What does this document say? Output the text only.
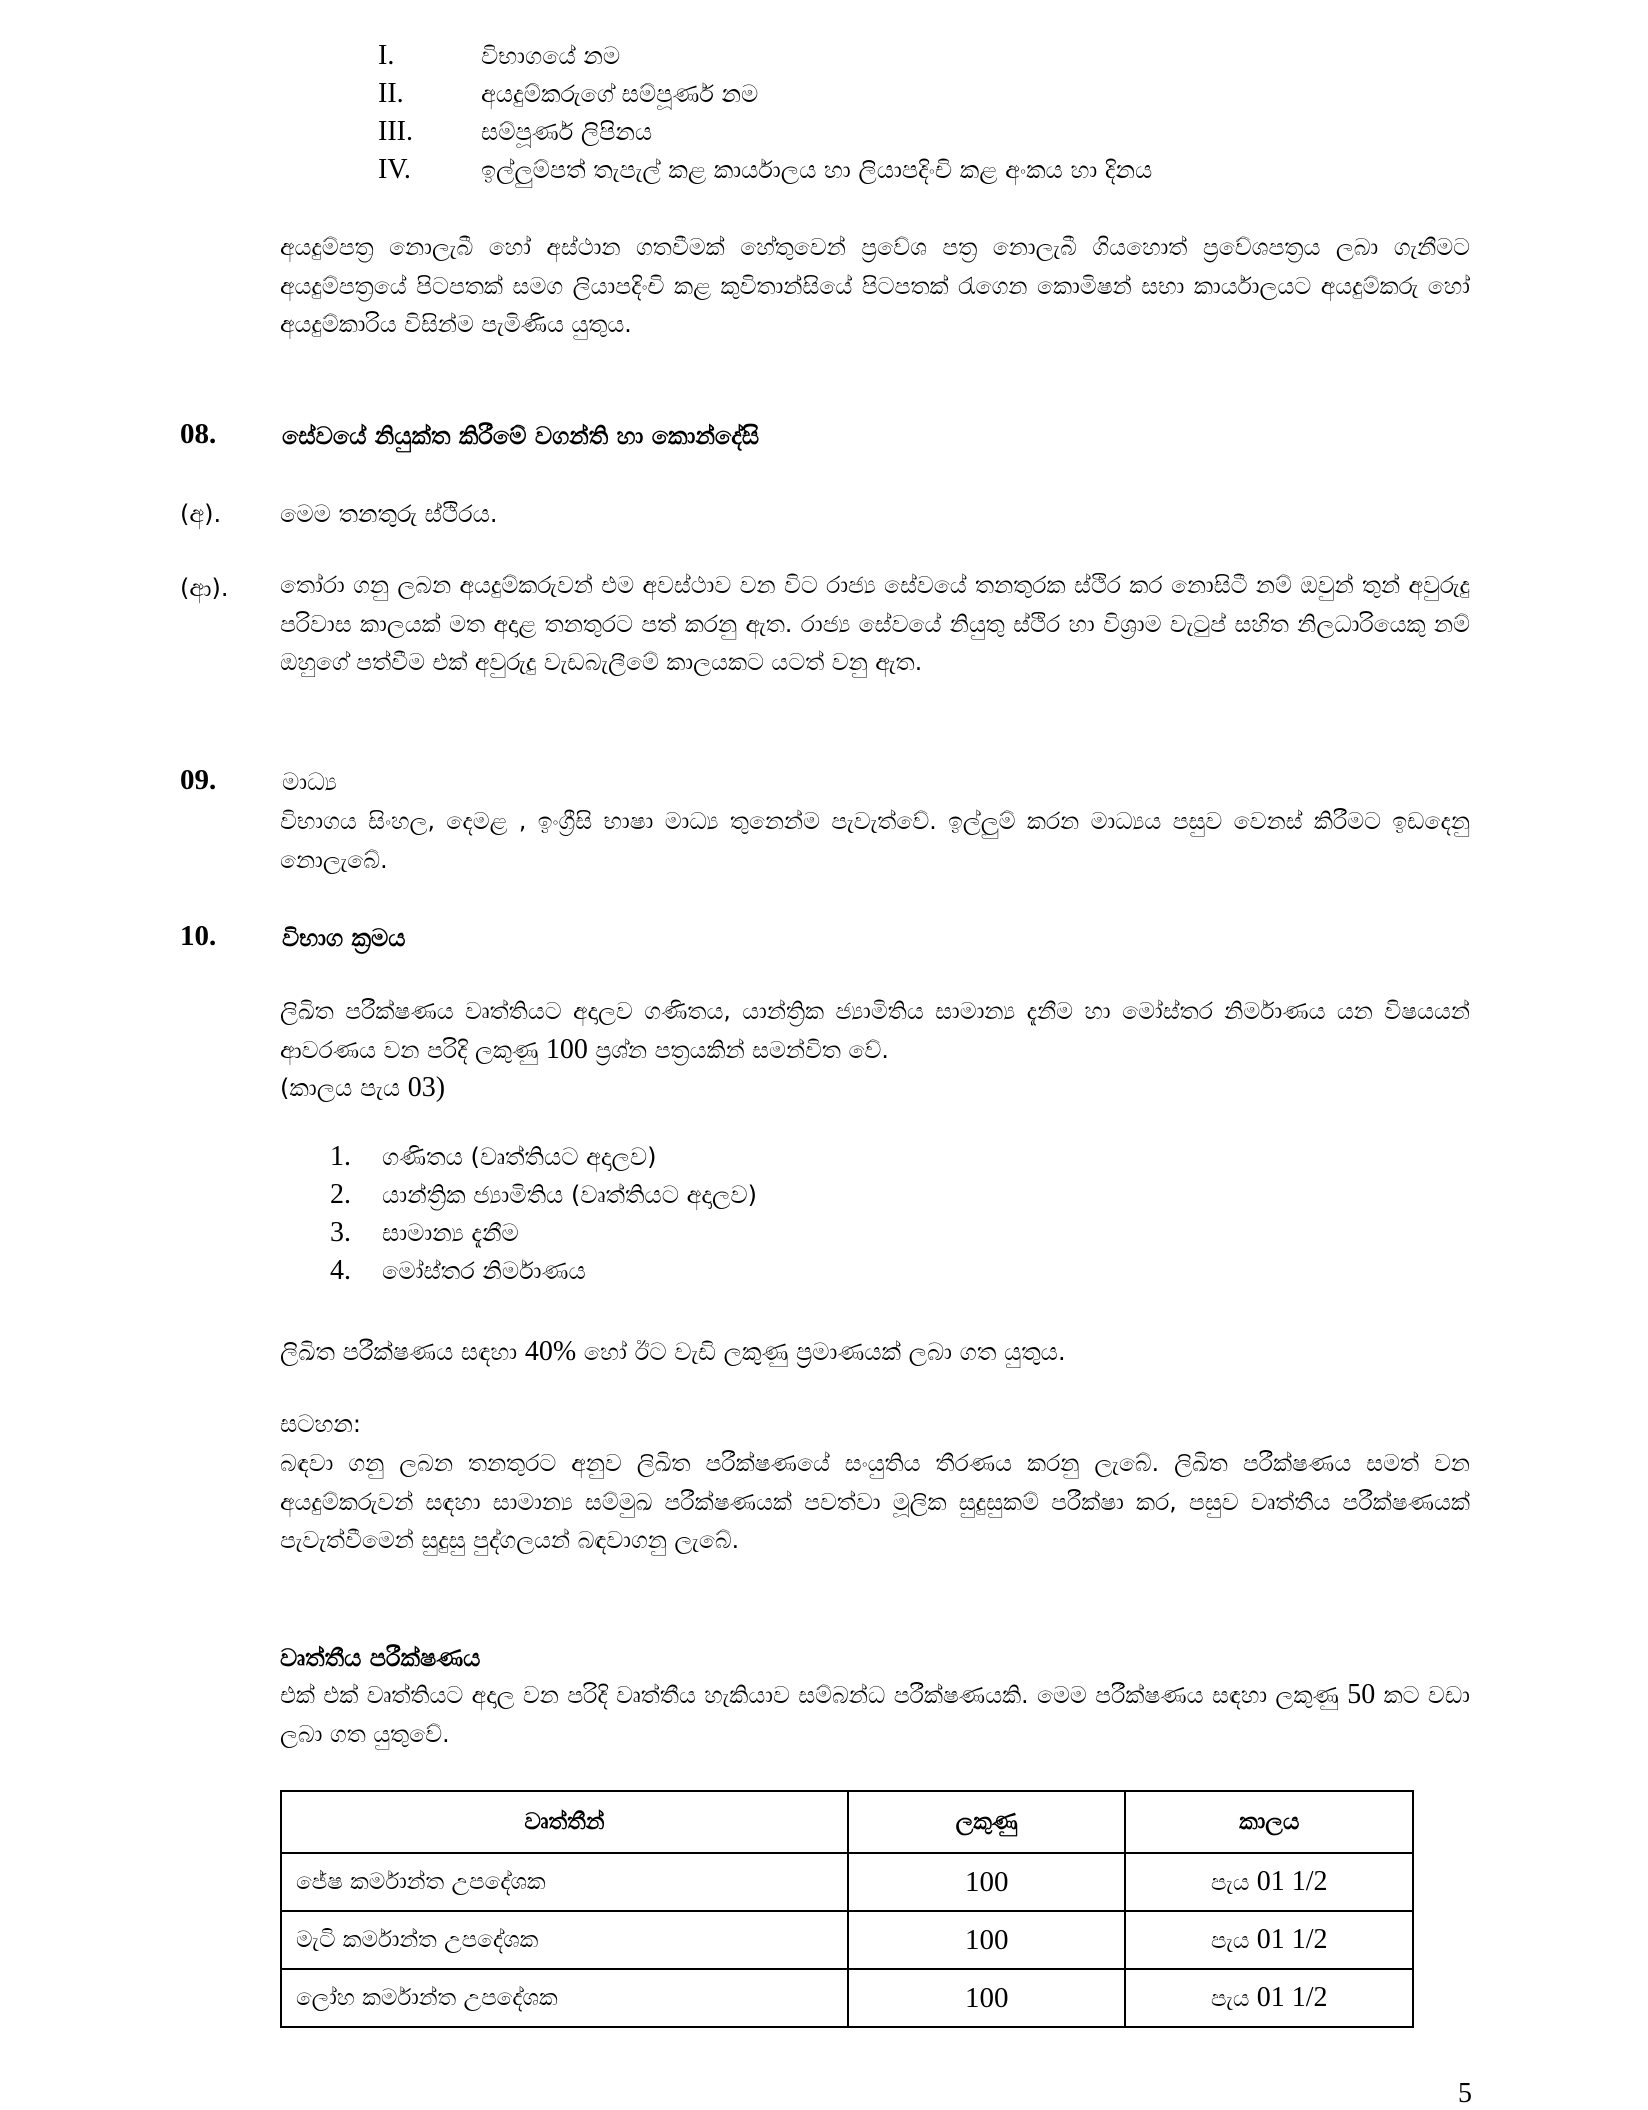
I.	විභාගයේ නම
II.	අයදුම්කරුගේ සම්පූර්ණ නම
III.	සම්පූර්ණ ලිපිනය
IV.	ඉල්ලුම්පත් තැපැල් කළ කාර්යාලය හා ලියාපදිංචි කළ අංකය හා දිනය
අයදුම්පත්‍ර නොලැබී හෝ අස්ථාන ගතවීමක් හේතුවෙන් ප්‍රවේශ පත්‍ර නොලැබී ගියහොත් ප්‍රවේශපත්‍රය ලබා ගැනීමට අයදුම්පත්‍රයේ පිටපතක් සමග ලියාපදිංචි කළ කුවිතාන්සියේ පිටපතක් රැගෙන කොමිෂන් සභා කාර්යාලයට අයදුම්කරු හෝ අයදුම්කාරිය විසින්ම පැමිණිය යුතුය.
08.	සේවයේ නියුක්ත කිරීමේ වගන්ති හා කොන්දේසි
(අ). මෙම තනතුරු ස්ථිරය.
(ආ). තෝරා ගනු ලබන අයදුම්කරුවන් එම අවස්ථාව වන විට රාජ්‍ය සේවයේ තනතුරක ස්ථිර කර නොසිටී නම් ඔවුන් තුන් අවුරුදු පරිවාස කාලයක් මත අදාළ තනතුරට පත් කරනු ඇත. රාජ්‍ය සේවයේ නියුතු ස්ථිර හා විශ්‍රාම වැටුප් සහිත නිලධාරියෙකු නම් ඔහුගේ පත්වීම එක් අවුරුදු වැඩබැලීමේ කාලයකට යටත් වනු ඇත.
09.	මාධ්‍ය
විභාගය සිංහල, දෙමළ , ඉංග්‍රීසි භාෂා මාධ්‍ය තුනෙන්ම පැවැත්වේ. ඉල්ලුම් කරන මාධ්‍යය පසුව වෙනස් කිරීමට ඉඩදෙනු නොලැබේ.
10.	විභාග ක්‍රමය
ලිඛිත පරීක්ෂණය වෘත්තියට අදාලව ගණිතය, යාන්ත්‍රික ජ්‍යාමිතිය සාමාන්‍ය දැනීම හා මෝස්තර නිර්මාණය යන විෂයයන් ආවරණය වන පරිදි ලකුණු 100 ප්‍රශ්න පත්‍රයකින් සමන්විත වේ.
(කාලය පැය 03)
1.	ගණිතය (වෘත්තියට අදාලව)
2.	යාන්ත්‍රික ජ්‍යාමිතිය (වෘත්තියට අදාලව)
3.	සාමාන්‍ය දැනීම
4.	මෝස්තර නිර්මාණය
ලිඛිත පරීක්ෂණය සඳහා 40% හෝ ඊට වැඩි ලකුණු ප්‍රමාණයක් ලබා ගත යුතුය.
සටහන:
බඳවා ගනු ලබන තනතුරට අනුව ලිඛිත පරීක්ෂණයේ සංයුතිය තීරණය කරනු ලැබේ. ලිඛිත පරීක්ෂණය සමත් වන අයදුම්කරුවන් සඳහා සාමාන්‍ය සම්මුඛ පරීක්ෂණයක් පවත්වා මූලික සුදුසුකම් පරීක්ෂා කර, පසුව වෘත්තීය පරීක්ෂණයක් පැවැත්වීමෙන් සුදුසු පුද්ගලයන් බඳවාගනු ලැබේ.
වෘත්තීය පරීක්ෂණය
එක් එක් වෘත්තියට අදාල වන පරිදි වෘත්තීය හැකියාව සම්බන්ධ පරීක්ෂණයකි. මෙම පරීක්ෂණය සඳහා ලකුණු 50 කට වඩා ලබා ගත යුතුවේ.
වෘත්තීන්	ලකුණු	කාලය
ජේෂ කර්මාන්ත උපදේශක	100	පැය 01 1/2
මැටි කර්මාන්ත උපදේශක	100	පැය 01 1/2
ලෝහ කර්මාන්ත උපදේශක	100	පැය 01 1/2
5
